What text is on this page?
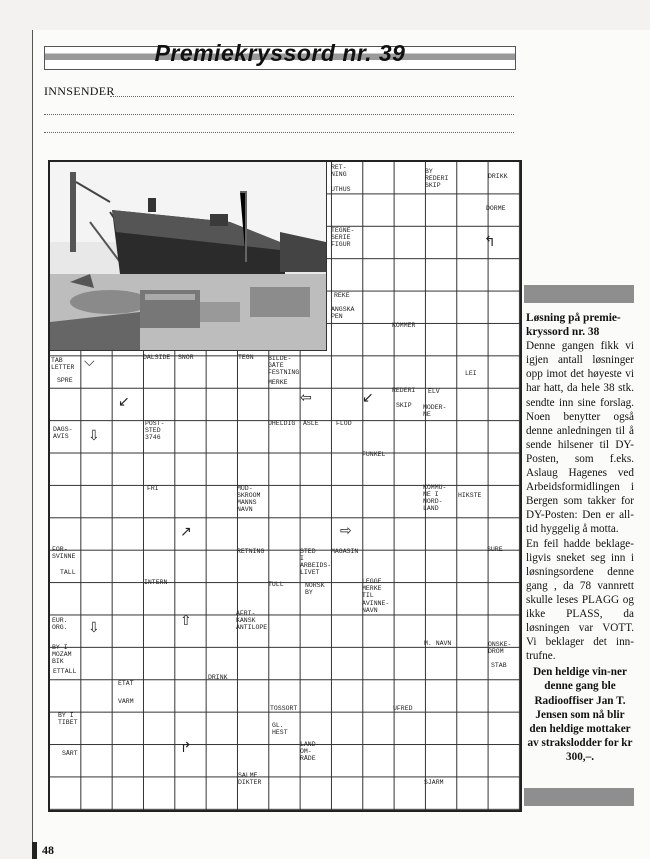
Premiekryssord nr. 39
INNSENDER
RET-
NING
UTHUS
BY
REDERI
SKIP
DRIKK
DORME
TEGNE-
SERIE
FIGUR
REKE
ANGSKA
PEN
KOMMER
TAB
LETTER
SPRE
DALSIDE SNOR	TEGN BILDE-
GÅTE
FESTNING
MERKE
REDERI ELV
LEI
SKIP MODER-
NE
DAGS-
AVIS
POST-
STED
3746
UHELDIG ÅSLE	FLOD
FUNKEL
FRI	MUD-
SKROOM
MANNS
NAVN
KOMMU-
NE I
NORD-
LAND
HIKSTE
FOR-
SVINNE
TALL
RETNING	STED
I
ARBEIDS-
LIVET
MAGASIN	SURE
INTERN	TULL	NORSK
BY
LEGGE
MERKE
TIL
AVINNE-
NAVN
EUR.
ORG.
AFRI-
KANSK
ANTILOPE
BY I
MOZAM
BIK
M. NAVN	ONSKE-
DROM
STAB
ETTALL
DRINK
ETAT
VARM
BY I
TIBET
TOSSORT
GL.
HEST
UFRED
SÅRT
LAND-
OM-
RÅDE
SALME
DIKTER	SJARM
↙
⇩
⇦	↙
↰
↗	⇨
⇧
⇩
↱
⌵
Løsning på premie-kryssord nr. 38

Denne gangen fikk vi igjen antall løsninger opp imot det høyeste vi har hatt, da hele 38 stk. sendte inn sine forslag. Noen benytter også denne anledningen til å sende hilsener til DY-Posten, som f.eks. Aslaug Hagenes ved Arbeidsformidlingen i Bergen som takker for DY-Posten: Den er all-tid hyggelig å motta.

En feil hadde beklage-ligvis sneket seg inn i løsningsordene denne gang , da 78 vannrett skulle leses PLAGG og ikke PLASS, da løsningen var VOTT. Vi beklager det inn-trufne.

Den heldige vin-ner denne gang ble Radiooffiser Jan T. Jensen som nå blir den heldige mottaker av strakslodder for kr 300,–.

48
